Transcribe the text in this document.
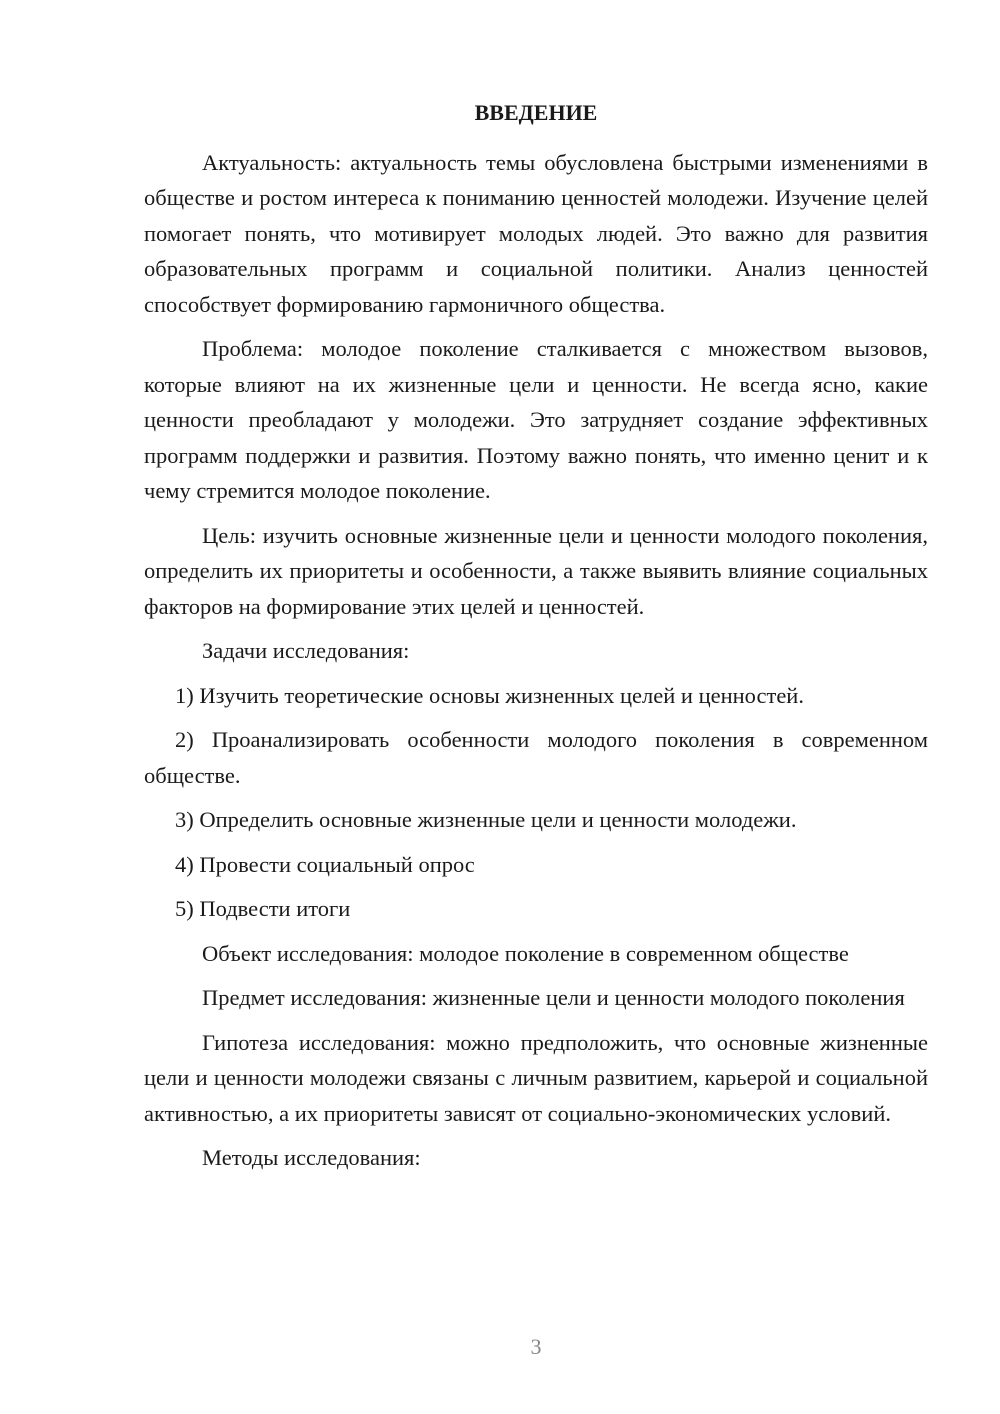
ВВЕДЕНИЕ

Актуальность: актуальность темы обусловлена быстрыми изменениями в обществе и ростом интереса к пониманию ценностей молодежи. Изучение целей помогает понять, что мотивирует молодых людей. Это важно для развития образовательных программ и социальной политики. Анализ ценностей способствует формированию гармоничного общества.

Проблема: молодое поколение сталкивается с множеством вызовов, которые влияют на их жизненные цели и ценности. Не всегда ясно, какие ценности преобладают у молодежи. Это затрудняет создание эффективных программ поддержки и развития. Поэтому важно понять, что именно ценит и к чему стремится молодое поколение.

Цель: изучить основные жизненные цели и ценности молодого поколения, определить их приоритеты и особенности, а также выявить влияние социальных факторов на формирование этих целей и ценностей.

Задачи исследования:

1) Изучить теоретические основы жизненных целей и ценностей.

2) Проанализировать особенности молодого поколения в современном обществе.

3) Определить основные жизненные цели и ценности молодежи.

4) Провести социальный опрос

5) Подвести итоги

Объект исследования: молодое поколение в современном обществе

Предмет исследования: жизненные цели и ценности молодого поколения

Гипотеза исследования: можно предположить, что основные жизненные цели и ценности молодежи связаны с личным развитием, карьерой и социальной активностью, а их приоритеты зависят от социально-экономических условий.

Методы исследования:

3
